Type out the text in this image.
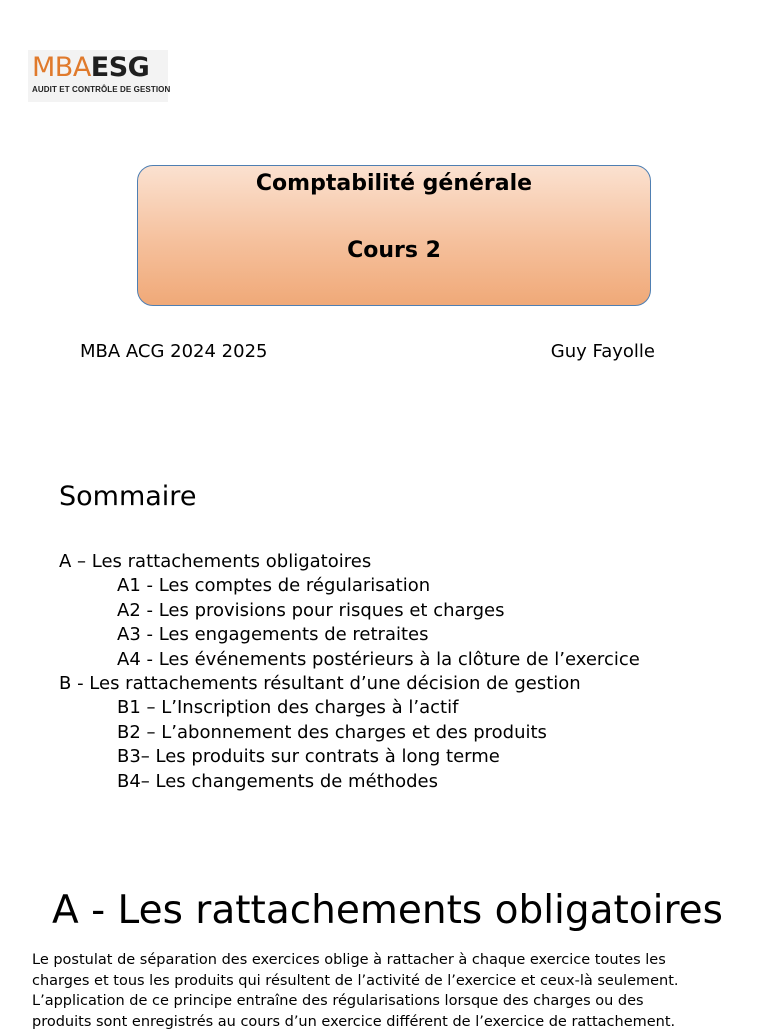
MBAESG
AUDIT ET CONTRÔLE DE GESTION
Comptabilité générale
Cours 2
MBA ACG 2024 2025	Guy Fayolle
Sommaire
A – Les rattachements obligatoires
A1 - Les comptes de régularisation
A2 - Les provisions pour risques et charges
A3 - Les engagements de retraites
A4 - Les événements postérieurs à la clôture de l’exercice
B - Les rattachements résultant d’une décision de gestion
B1 – L’Inscription des charges à l’actif
B2 – L’abonnement des charges et des produits
B3– Les produits sur contrats à long terme
B4– Les changements de méthodes
A - Les rattachements obligatoires
Le postulat de séparation des exercices oblige à rattacher à chaque exercice toutes les
charges et tous les produits qui résultent de l’activité de l’exercice et ceux-là seulement.
L’application de ce principe entraîne des régularisations lorsque des charges ou des
produits sont enregistrés au cours d’un exercice différent de l’exercice de rattachement.
